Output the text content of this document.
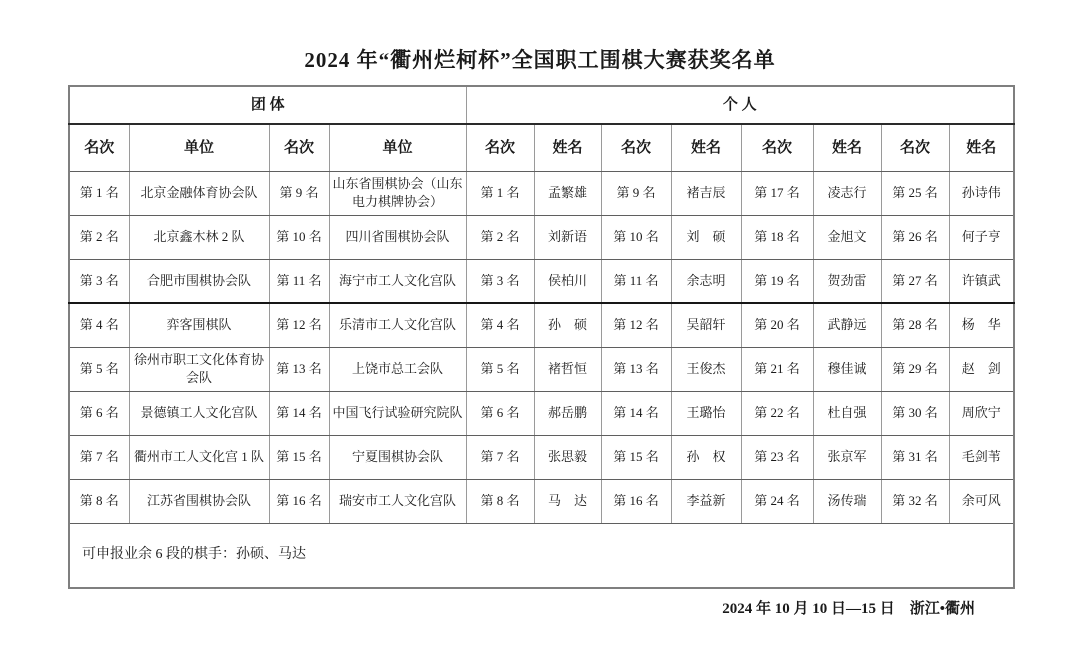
2024 年“衢州烂柯杯”全国职工围棋大赛获奖名单
团 体				个 人							
名次	单位	名次	单位	名次	姓名	名次	姓名	名次	姓名	名次	姓名
第 1 名	北京金融体育协会队	第 9 名	山东省围棋协会（山东电力棋牌协会）	第 1 名	孟繁雄	第 9 名	褚吉辰	第 17 名	凌志行	第 25 名	孙诗伟
第 2 名	北京鑫木林 2 队	第 10 名	四川省围棋协会队	第 2 名	刘新语	第 10 名	刘　硕	第 18 名	金旭文	第 26 名	何子亨
第 3 名	合肥市围棋协会队	第 11 名	海宁市工人文化宫队	第 3 名	侯柏川	第 11 名	余志明	第 19 名	贺劲雷	第 27 名	许镇武
第 4 名	弈客围棋队	第 12 名	乐清市工人文化宫队	第 4 名	孙　硕	第 12 名	吴韶轩	第 20 名	武静远	第 28 名	杨　华
第 5 名	徐州市职工文化体育协会队	第 13 名	上饶市总工会队	第 5 名	褚哲恒	第 13 名	王俊杰	第 21 名	穆佳诚	第 29 名	赵　剑
第 6 名	景德镇工人文化宫队	第 14 名	中国飞行试验研究院队	第 6 名	郝岳鹏	第 14 名	王璐怡	第 22 名	杜自强	第 30 名	周欣宁
第 7 名	衢州市工人文化宫 1 队	第 15 名	宁夏围棋协会队	第 7 名	张思毅	第 15 名	孙　权	第 23 名	张京军	第 31 名	毛剑苇
第 8 名	江苏省围棋协会队	第 16 名	瑞安市工人文化宫队	第 8 名	马　达	第 16 名	李益新	第 24 名	汤传瑞	第 32 名	余可风
可申报业余 6 段的棋手：孙硕、马达											
2024 年 10 月 10 日—15 日　浙江•衢州
